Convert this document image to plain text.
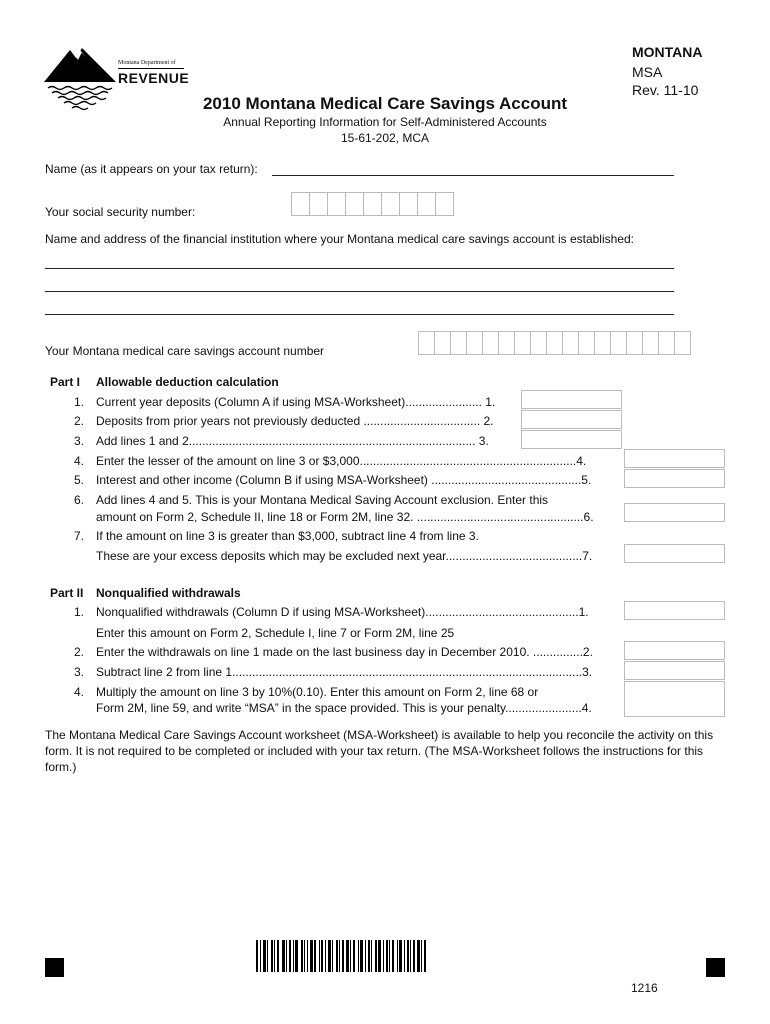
Montana Department of
REVENUE
MONTANA
MSA
Rev. 11-10
2010 Montana Medical Care Savings Account
Annual Reporting Information for Self-Administered Accounts
15-61-202, MCA
Name (as it appears on your tax return):
Your social security number:
Name and address of the financial institution where your Montana medical care savings account is established:
Your Montana medical care savings account number
Part I Allowable deduction calculation
1. Current year deposits (Column A if using MSA-Worksheet)....................... 1.
2. Deposits from prior years not previously deducted ................................... 2.
3. Add lines 1 and 2...................................................................................... 3.
4. Enter the lesser of the amount on line 3 or $3,000.................................................................4.
5. Interest and other income (Column B if using MSA-Worksheet) .............................................5.
6. Add lines 4 and 5. This is your Montana Medical Saving Account exclusion. Enter this
amount on Form 2, Schedule II, line 18 or Form 2M, line 32. ..................................................6.
7. If the amount on line 3 is greater than $3,000, subtract line 4 from line 3.
These are your excess deposits which may be excluded next year.........................................7.
Part II Nonqualified withdrawals
1. Nonqualified withdrawals (Column D if using MSA-Worksheet)..............................................1.
Enter this amount on Form 2, Schedule I, line 7 or Form 2M, line 25
2. Enter the withdrawals on line 1 made on the last business day in December 2010. ...............2.
3. Subtract line 2 from line 1.........................................................................................................3.
4. Multiply the amount on line 3 by 10%(0.10). Enter this amount on Form 2, line 68 or
Form 2M, line 59, and write “MSA” in the space provided. This is your penalty.......................4.
The Montana Medical Care Savings Account worksheet (MSA-Worksheet) is available to help you reconcile the activity on this form. It is not required to be completed or included with your tax return. (The MSA-Worksheet follows the instructions for this form.)
1216
